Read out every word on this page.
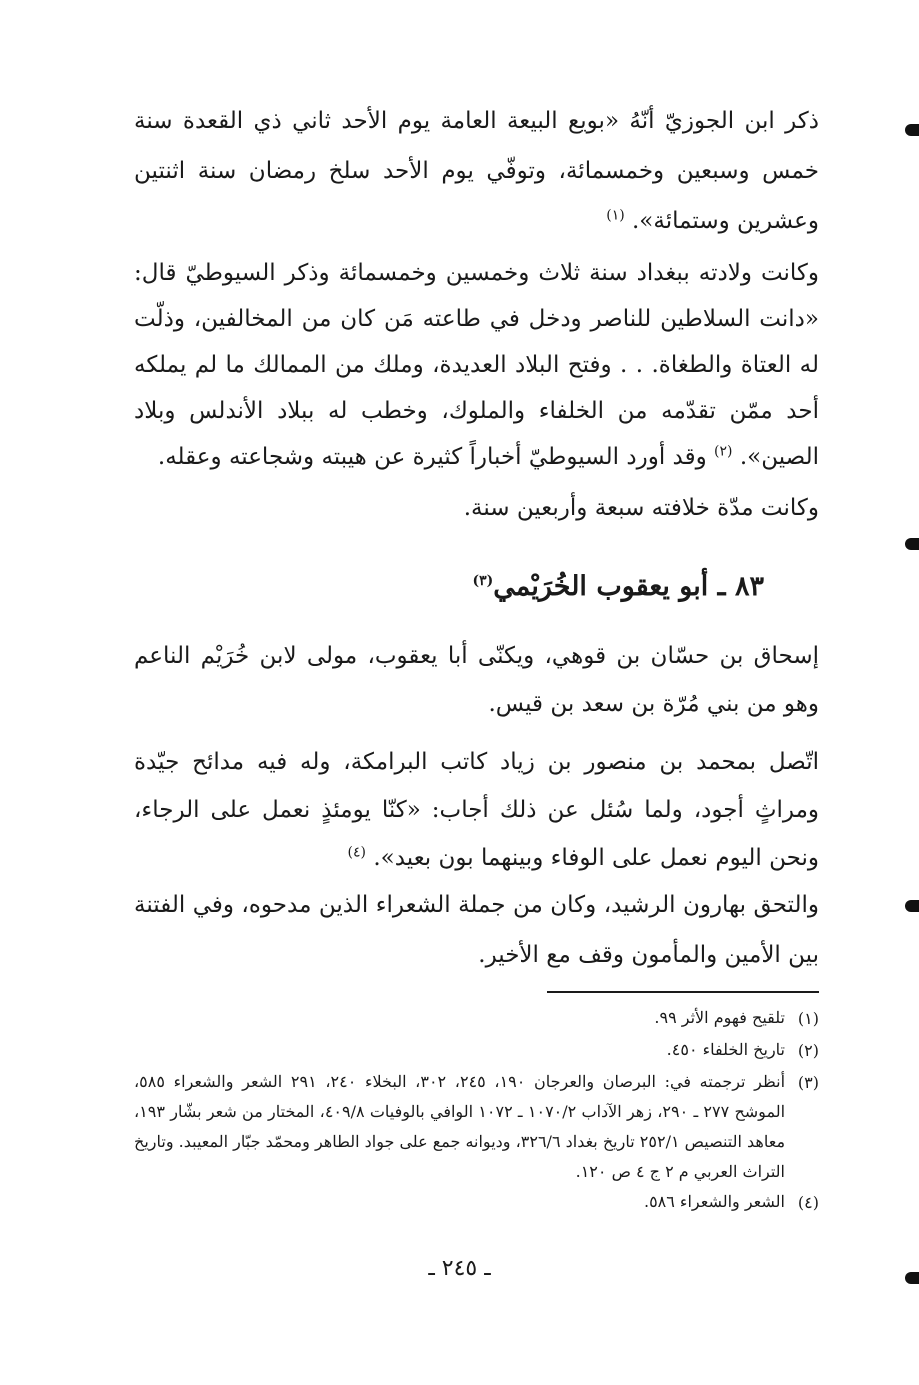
ذكر ابن الجوزيّ أنّهُ «بويع البيعة العامة يوم الأحد ثاني ذي القعدة سنة خمس وسبعين وخمسمائة، وتوفّي يوم الأحد سلخ رمضان سنة اثنتين وعشرين وستمائة». $^{(١)}$

وكانت ولادته ببغداد سنة ثلاث وخمسين وخمسمائة وذكر السيوطيّ قال: «دانت السلاطين للناصر ودخل في طاعته مَن كان من المخالفين، وذلّت له العتاة والطغاة. . . وفتح البلاد العديدة، وملك من الممالك ما لم يملكه أحد ممّن تقدّمه من الخلفاء والملوك، وخطب له ببلاد الأندلس وبلاد الصين». $^{(٢)}$ وقد أورد السيوطيّ أخباراً كثيرة عن هيبته وشجاعته وعقله.

وكانت مدّة خلافته سبعة وأربعين سنة.

٨٣ ـ أبو يعقوب الخُرَيْمي$^{(٣)}$

إسحاق بن حسّان بن قوهي، ويكنّى أبا يعقوب، مولى لابن خُرَيْم الناعم وهو من بني مُرّة بن سعد بن قيس.

اتّصل بمحمد بن منصور بن زياد كاتب البرامكة، وله فيه مدائح جيّدة ومراثٍ أجود، ولما سُئل عن ذلك أجاب: «كنّا يومئذٍ نعمل على الرجاء، ونحن اليوم نعمل على الوفاء وبينهما بون بعيد». $^{(٤)}$

والتحق بهارون الرشيد، وكان من جملة الشعراء الذين مدحوه، وفي الفتنة بين الأمين والمأمون وقف مع الأخير.

(١)
تلقيح فهوم الأثر ٩٩.
(٢)
تاريخ الخلفاء ٤٥٠.
(٣)
أنظر ترجمته في: البرصان والعرجان ١٩٠، ٢٤٥، ٣٠٢، البخلاء ٢٤٠، ٢٩١ الشعر والشعراء ٥٨٥، الموشح ٢٧٧ ـ ٢٩٠، زهر الآداب ١٠٧٠/٢ ـ ١٠٧٢ الوافي بالوفيات ٤٠٩/٨، المختار من شعر بشّار ١٩٣، معاهد التنصيص ٢٥٢/١ تاريخ بغداد ٣٢٦/٦، وديوانه جمع على جواد الطاهر ومحمّد جبّار المعيبد. وتاريخ التراث العربي م ٢ ج ٤ ص ١٢٠.
(٤)
الشعر والشعراء ٥٨٦.
ـ ٢٤٥ ـ
